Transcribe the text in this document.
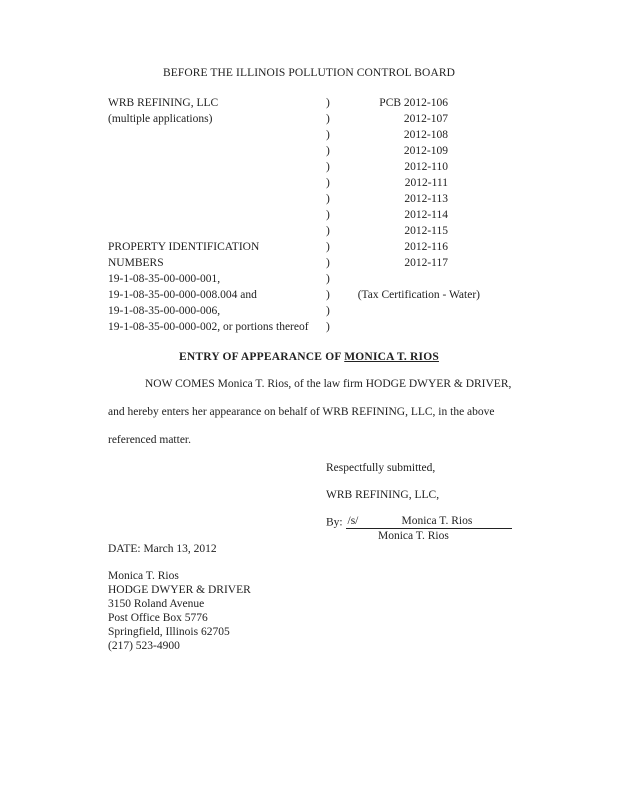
BEFORE THE ILLINOIS POLLUTION CONTROL BOARD
WRB REFINING, LLC
(multiple applications)
PROPERTY IDENTIFICATION
NUMBERS
19-1-08-35-00-000-001,
19-1-08-35-00-000-008.004 and
19-1-08-35-00-000-006,
19-1-08-35-00-000-002, or portions thereof
)
)
)
)
)
)
)
)
)
)
)
)
)
)
)
PCB 2012-106
2012-107
2012-108
2012-109
2012-110
2012-111
2012-113
2012-114
2012-115
2012-116
2012-117
(Tax Certification - Water)
ENTRY OF APPEARANCE OF MONICA T. RIOS
NOW COMES Monica T. Rios, of the law firm HODGE DWYER & DRIVER,
and hereby enters her appearance on behalf of WRB REFINING, LLC, in the above
referenced matter.
Respectfully submitted,
WRB REFINING, LLC,
By: /s/	Monica T. Rios
Monica T. Rios
DATE: March 13, 2012
Monica T. Rios
HODGE DWYER & DRIVER
3150 Roland Avenue
Post Office Box 5776
Springfield, Illinois 62705
(217) 523-4900
